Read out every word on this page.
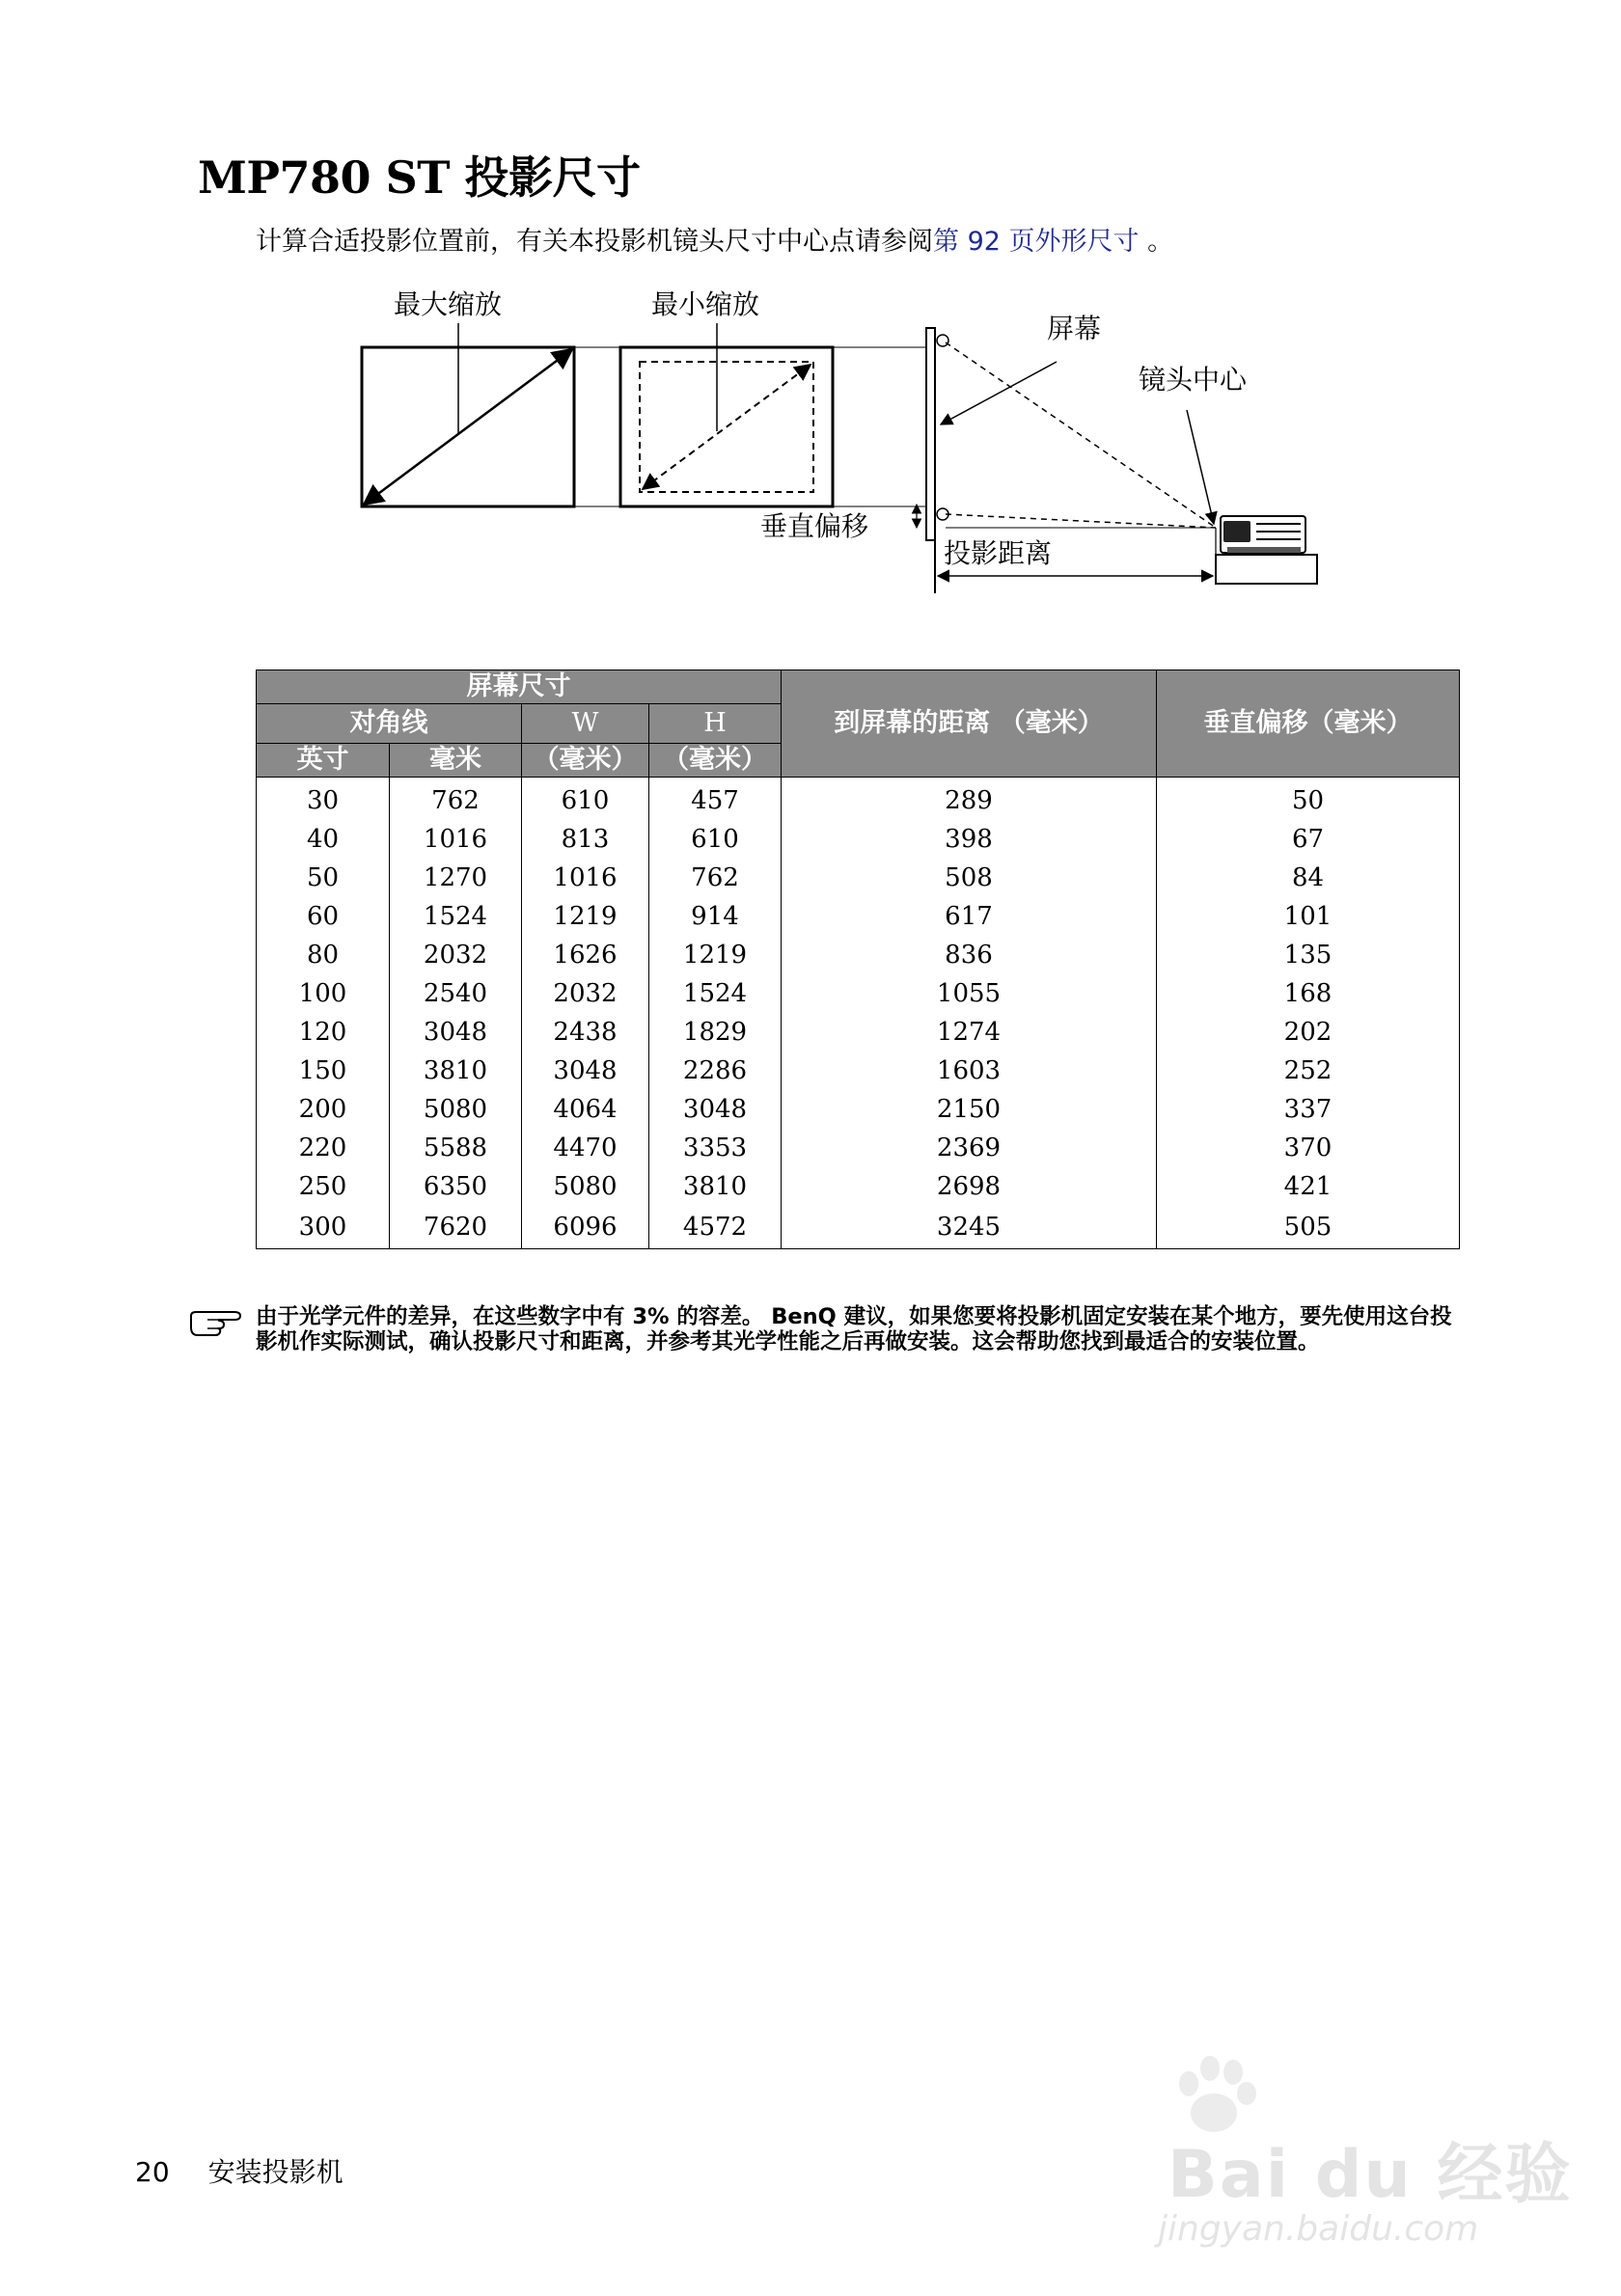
MP780 ST 投影尺寸
计算合适投影位置前，有关本投影机镜头尺寸中心点请参阅第 92 页外形尺寸 。
最大缩放	最小缩放
屏幕
垂直偏移
投影距离
镜头中心
屏幕尺寸				到屏幕的距离 （毫米）	垂直偏移（毫米）
对角线		W	H		
英寸	毫米	（毫米）	（毫米）		
30	762	610	457	289	50
40	1016	813	610	398	67
50	1270	1016	762	508	84
60	1524	1219	914	617	101
80	2032	1626	1219	836	135
100	2540	2032	1524	1055	168
120	3048	2438	1829	1274	202
150	3810	3048	2286	1603	252
200	5080	4064	3048	2150	337
220	5588	4470	3353	2369	370
250	6350	5080	3810	2698	421
300	7620	6096	4572	3245	505
由于光学元件的差异，在这些数字中有 3% 的容差。 BenQ 建议，如果您要将投影机固定安装在某个地方，要先使用这台投影机作实际测试，确认投影尺寸和距离，并参考其光学性能之后再做安装。这会帮助您找到最适合的安装位置。
20 安装投影机	Bai du 经验
jingyan.baidu.com
